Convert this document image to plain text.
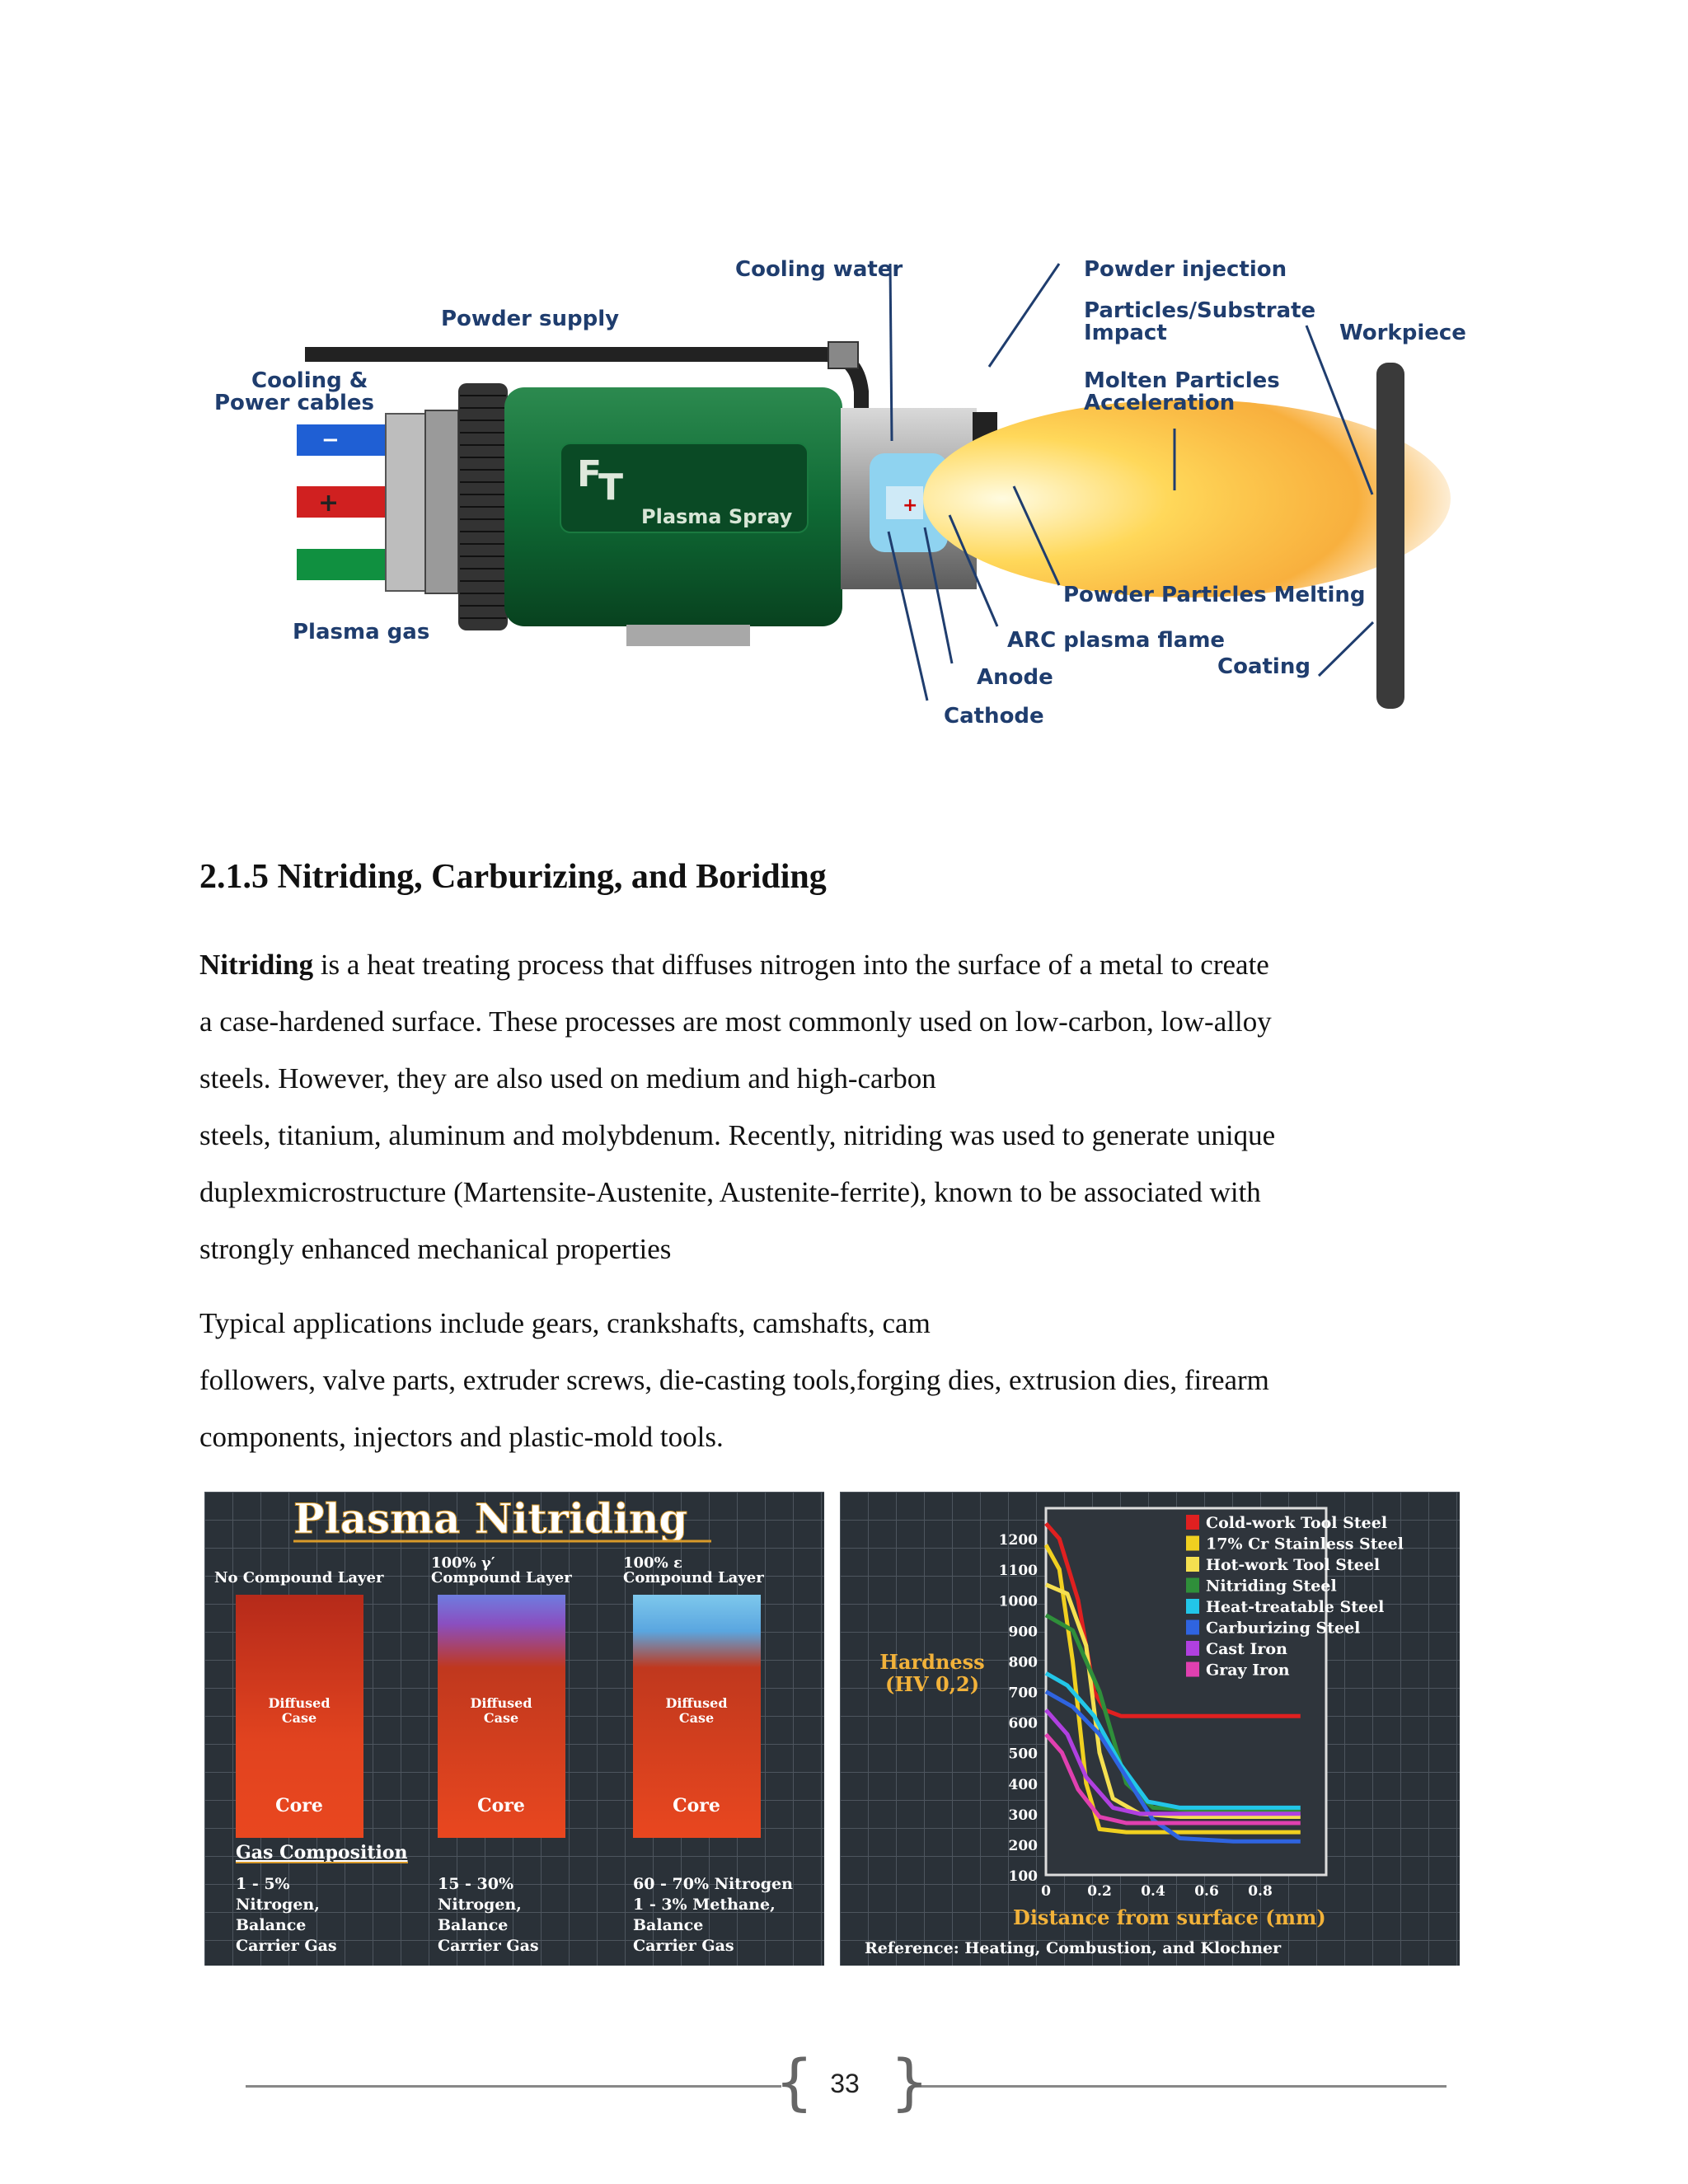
−
+
F
T
Plasma Spray	+
Cooling water
Powder supply
Cooling &
Power cables
Plasma gas
Powder injection
Particles/Substrate
Impact	Workpiece
Molten Particles
Acceleration
Powder Particles Melting
ARC plasma flame
Coating
Anode
Cathode
2.1.5 Nitriding, Carburizing, and Boriding
Nitriding is a heat treating process that diffuses nitrogen into the surface of a metal to create
a case-hardened surface. These processes are most commonly used on low-carbon, low-alloy
steels. However, they are also used on medium and high-carbon
steels, titanium, aluminum and molybdenum. Recently, nitriding was used to generate unique
duplexmicrostructure (Martensite-Austenite, Austenite-ferrite), known to be associated with
strongly enhanced mechanical properties
Typical applications include gears, crankshafts, camshafts, cam
followers, valve parts, extruder screws, die-casting tools,forging dies, extrusion dies, firearm
components, injectors and plastic-mold tools.
Plasma Nitriding
No Compound Layer
100% γ′
Compound Layer
100% ε
Compound Layer
Diffused
Case
Diffused
Case
Diffused
Case
Core	Core	Core
Gas Composition
1 - 5%
Nitrogen,
Balance
Carrier Gas
15 - 30%
Nitrogen,
Balance
Carrier Gas
60 - 70% Nitrogen
1 - 3% Methane,
Balance
Carrier Gas
100
200
300
400
500
600
700
800
900
1000
1100
1200
0	0.2 0.4 0.6 0.8
Cold-work Tool Steel
17% Cr Stainless Steel
Hot-work Tool Steel
Nitriding Steel
Heat-treatable Steel
Carburizing Steel
Cast Iron
Gray Iron
Hardness
(HV 0,2)
Distance from surface (mm)
Reference: Heating, Combustion, and Klochner
{ }
33
